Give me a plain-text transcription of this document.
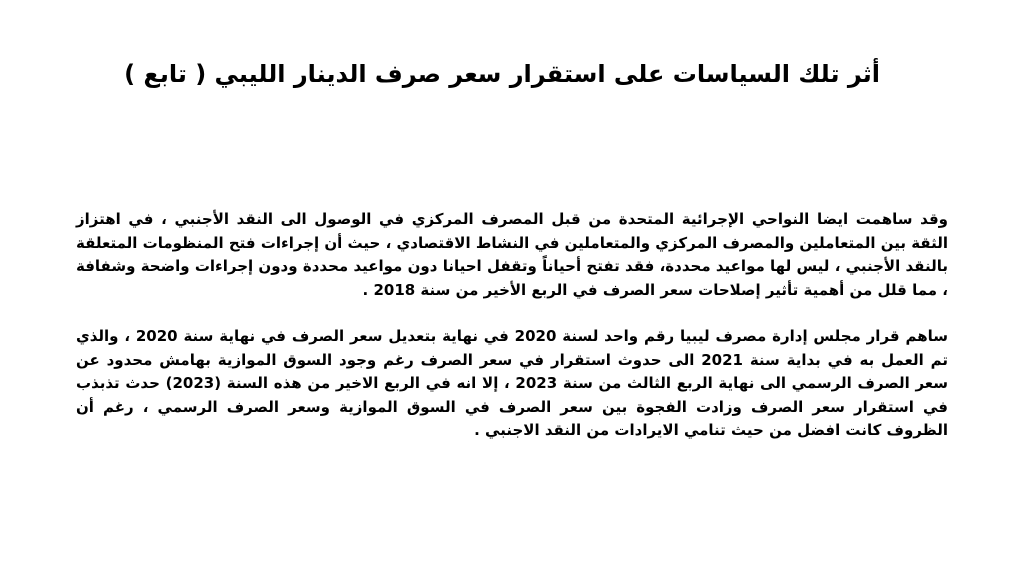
أثر تلك السياسات على استقرار سعر صرف الدينار الليبي ( تابع )

وقد ساهمت ايضا النواحي الإجرائية المتحدة من قبل المصرف المركزي في الوصول الى النقد الأجنبي ، في اهتزاز الثقة بين المتعاملين والمصرف المركزي والمتعاملين في النشاط الاقتصادي ، حيث أن إجراءات فتح المنظومات المتعلقة بالنقد الأجنبي ، ليس لها مواعيد محددة، فقد تفتح أحياناً وتقفل احيانا دون مواعيد محددة ودون إجراءات واضحة وشفافة ، مما قلل من أهمية تأثير إصلاحات سعر الصرف في الربع الأخير من سنة 2018 .

ساهم قرار مجلس إدارة مصرف ليبيا رقم واحد لسنة 2020 في نهاية بتعديل سعر الصرف في نهاية سنة 2020 ، والذي تم العمل به في بداية سنة 2021 الى حدوث استقرار في سعر الصرف رغم وجود السوق الموازية بهامش محدود عن سعر الصرف الرسمي الى نهاية الربع الثالث من سنة 2023 ، إلا انه في الربع الاخير من هذه السنة (2023) حدث تذبذب في استقرار سعر الصرف وزادت الفجوة بين سعر الصرف في السوق الموازية وسعر الصرف الرسمي ، رغم أن الظروف كانت افضل من حيث تنامي الايرادات من النقد الاجنبي .
